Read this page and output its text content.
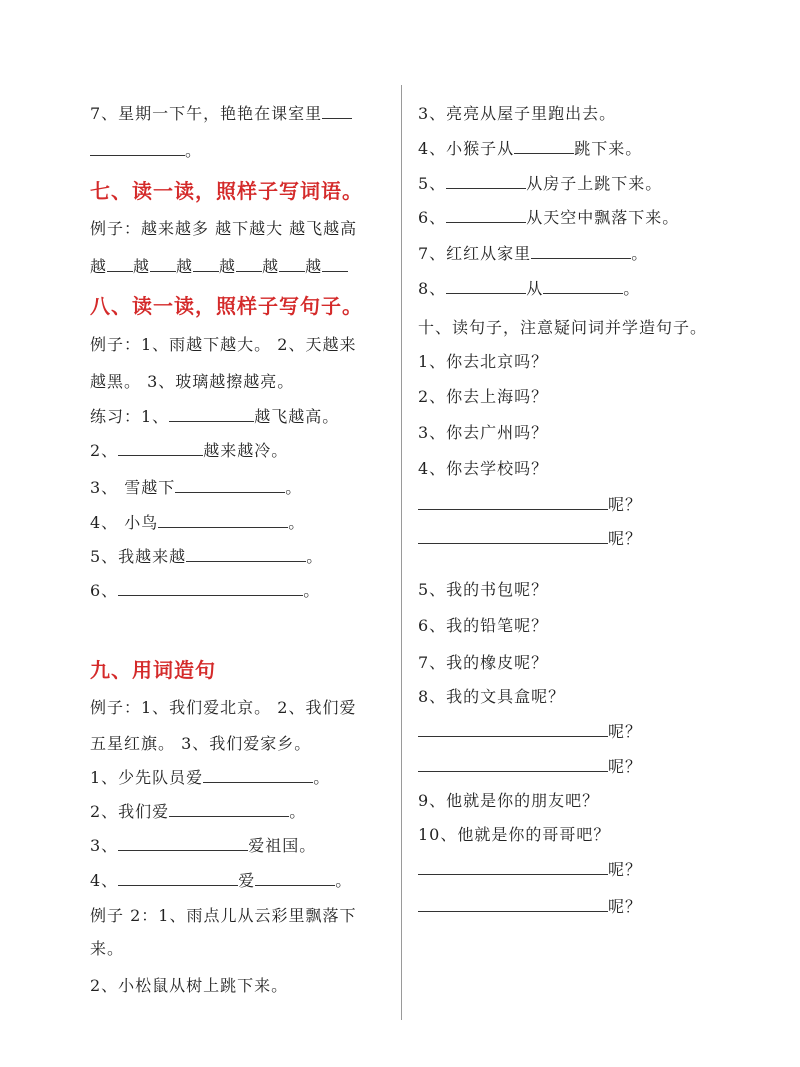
7、星期一下午，艳艳在课室里
。
七、读一读，照样子写词语。
例子：越来越多 越下越大 越飞越高
越 越 越 越 越 越
八、读一读，照样子写句子。
例子：1、雨越下越大。 2、天越来
越黑。 3、玻璃越擦越亮。
练习：1、	越飞越高。
2、	越来越冷。
3、 雪越下	。
4、 小鸟	。
5、我越来越	。
6、	。
九、用词造句
例子：1、我们爱北京。 2、我们爱
五星红旗。 3、我们爱家乡。
1、少先队员爱	。
2、我们爱	。
3、	爱祖国。
4、	爱	。
例子 2：1、雨点儿从云彩里飘落下
来。
2、小松鼠从树上跳下来。
3、亮亮从屋子里跑出去。
4、小猴子从	跳下来。
5、	从房子上跳下来。
6、	从天空中飘落下来。
7、红红从家里	。
8、	从	。
十、读句子，注意疑问词并学造句子。
1、你去北京吗？
2、你去上海吗？
3、你去广州吗？
4、你去学校吗？
呢？
呢？
5、我的书包呢？
6、我的铅笔呢？
7、我的橡皮呢？
8、我的文具盒呢？
呢？
呢？
9、他就是你的朋友吧？
10、他就是你的哥哥吧？
呢？
呢？
